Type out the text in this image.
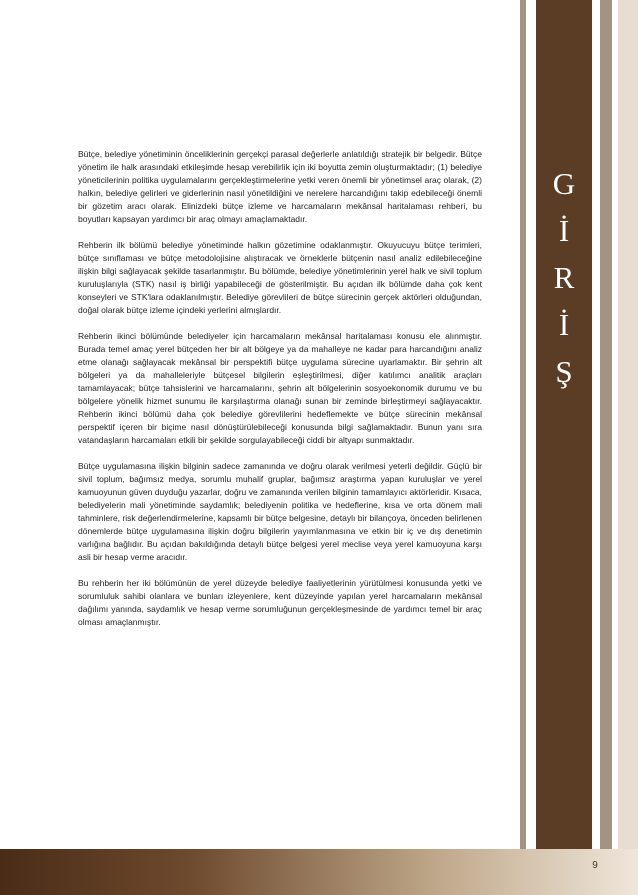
G
İ
R
İ
Ş

Bütçe, belediye yönetiminin önceliklerinin gerçekçi parasal değerlerle anlatıldığı stratejik bir belgedir. Bütçe yönetim ile halk arasındaki etkileşimde hesap verebilirlik için iki boyutta zemin oluşturmaktadır; (1) belediye yöneticilerinin politika uygulamalarını gerçekleştirmelerine yetki veren önemli bir yönetimsel araç olarak, (2) halkın, belediye gelirleri ve giderlerinin nasıl yönetildiğini ve nerelere harcandığını takip edebileceği önemli bir gözetim aracı olarak. Elinizdeki bütçe izleme ve harcamaların mekânsal haritalaması rehberi, bu boyutları kapsayan yardımcı bir araç olmayı amaçlamaktadır.

Rehberin ilk bölümü belediye yönetiminde halkın gözetimine odaklanmıştır. Okuyucuyu bütçe terimleri, bütçe sınıflaması ve bütçe metodolojisine alıştıracak ve örneklerle bütçenin nasıl analiz edilebileceğine ilişkin bilgi sağlayacak şekilde tasarlanmıştır. Bu bölümde, belediye yönetimlerinin yerel halk ve sivil toplum kuruluşlarıyla (STK) nasıl iş birliği yapabileceği de gösterilmiştir. Bu açıdan ilk bölümde daha çok kent konseyleri ve STK'lara odaklanılmıştır. Belediye görevlileri de bütçe sürecinin gerçek aktörleri olduğundan, doğal olarak bütçe izleme içindeki yerlerini almışlardır.

Rehberin ikinci bölümünde belediyeler için harcamaların mekânsal haritalaması konusu ele alınmıştır. Burada temel amaç yerel bütçeden her bir alt bölgeye ya da mahalleye ne kadar para harcandığını analiz etme olanağı sağlayacak mekânsal bir perspektifi bütçe uygulama sürecine uyarlamaktır. Bir şehrin alt bölgeleri ya da mahalleleriyle bütçesel bilgilerin eşleştirilmesi, diğer katılımcı analitik araçları tamamlayacak; bütçe tahsislerini ve harcamalarını, şehrin alt bölgelerinin sosyoekonomik durumu ve bu bölgelere yönelik hizmet sunumu ile karşılaştırma olanağı sunan bir zeminde birleştirmeyi sağlayacaktır. Rehberin ikinci bölümü daha çok belediye görevlilerini hedeflemekte ve bütçe sürecinin mekânsal perspektif içeren bir biçime nasıl dönüştürülebileceği konusunda bilgi sağlamaktadır. Bunun yanı sıra vatandaşların harcamaları etkili bir şekilde sorgulayabileceği ciddi bir altyapı sunmaktadır.

Bütçe uygulamasına ilişkin bilginin sadece zamanında ve doğru olarak verilmesi yeterli değildir. Güçlü bir sivil toplum, bağımsız medya, sorumlu muhalif gruplar, bağımsız araştırma yapan kuruluşlar ve yerel kamuoyunun güven duyduğu yazarlar, doğru ve zamanında verilen bilginin tamamlayıcı aktörleridir. Kısaca, belediyelerin mali yönetiminde saydamlık; belediyenin politika ve hedeflerine, kısa ve orta dönem mali tahminlere, risk değerlendirmelerine, kapsamlı bir bütçe belgesine, detaylı bir bilançoya, önceden belirlenen dönemlerde bütçe uygulamasına ilişkin doğru bilgilerin yayımlanmasına ve etkin bir iç ve dış denetimin varlığına bağlıdır. Bu açıdan bakıldığında detaylı bütçe belgesi yerel meclise veya yerel kamuoyuna karşı asli bir hesap verme aracıdır.

Bu rehberin her iki bölümünün de yerel düzeyde belediye faaliyetlerinin yürütülmesi konusunda yetki ve sorumluluk sahibi olanlara ve bunları izleyenlere, kent düzeyinde yapılan yerel harcamaların mekânsal dağılımı yanında, saydamlık ve hesap verme sorumluğunun gerçekleşmesinde de yardımcı temel bir araç olması amaçlanmıştır.

9
